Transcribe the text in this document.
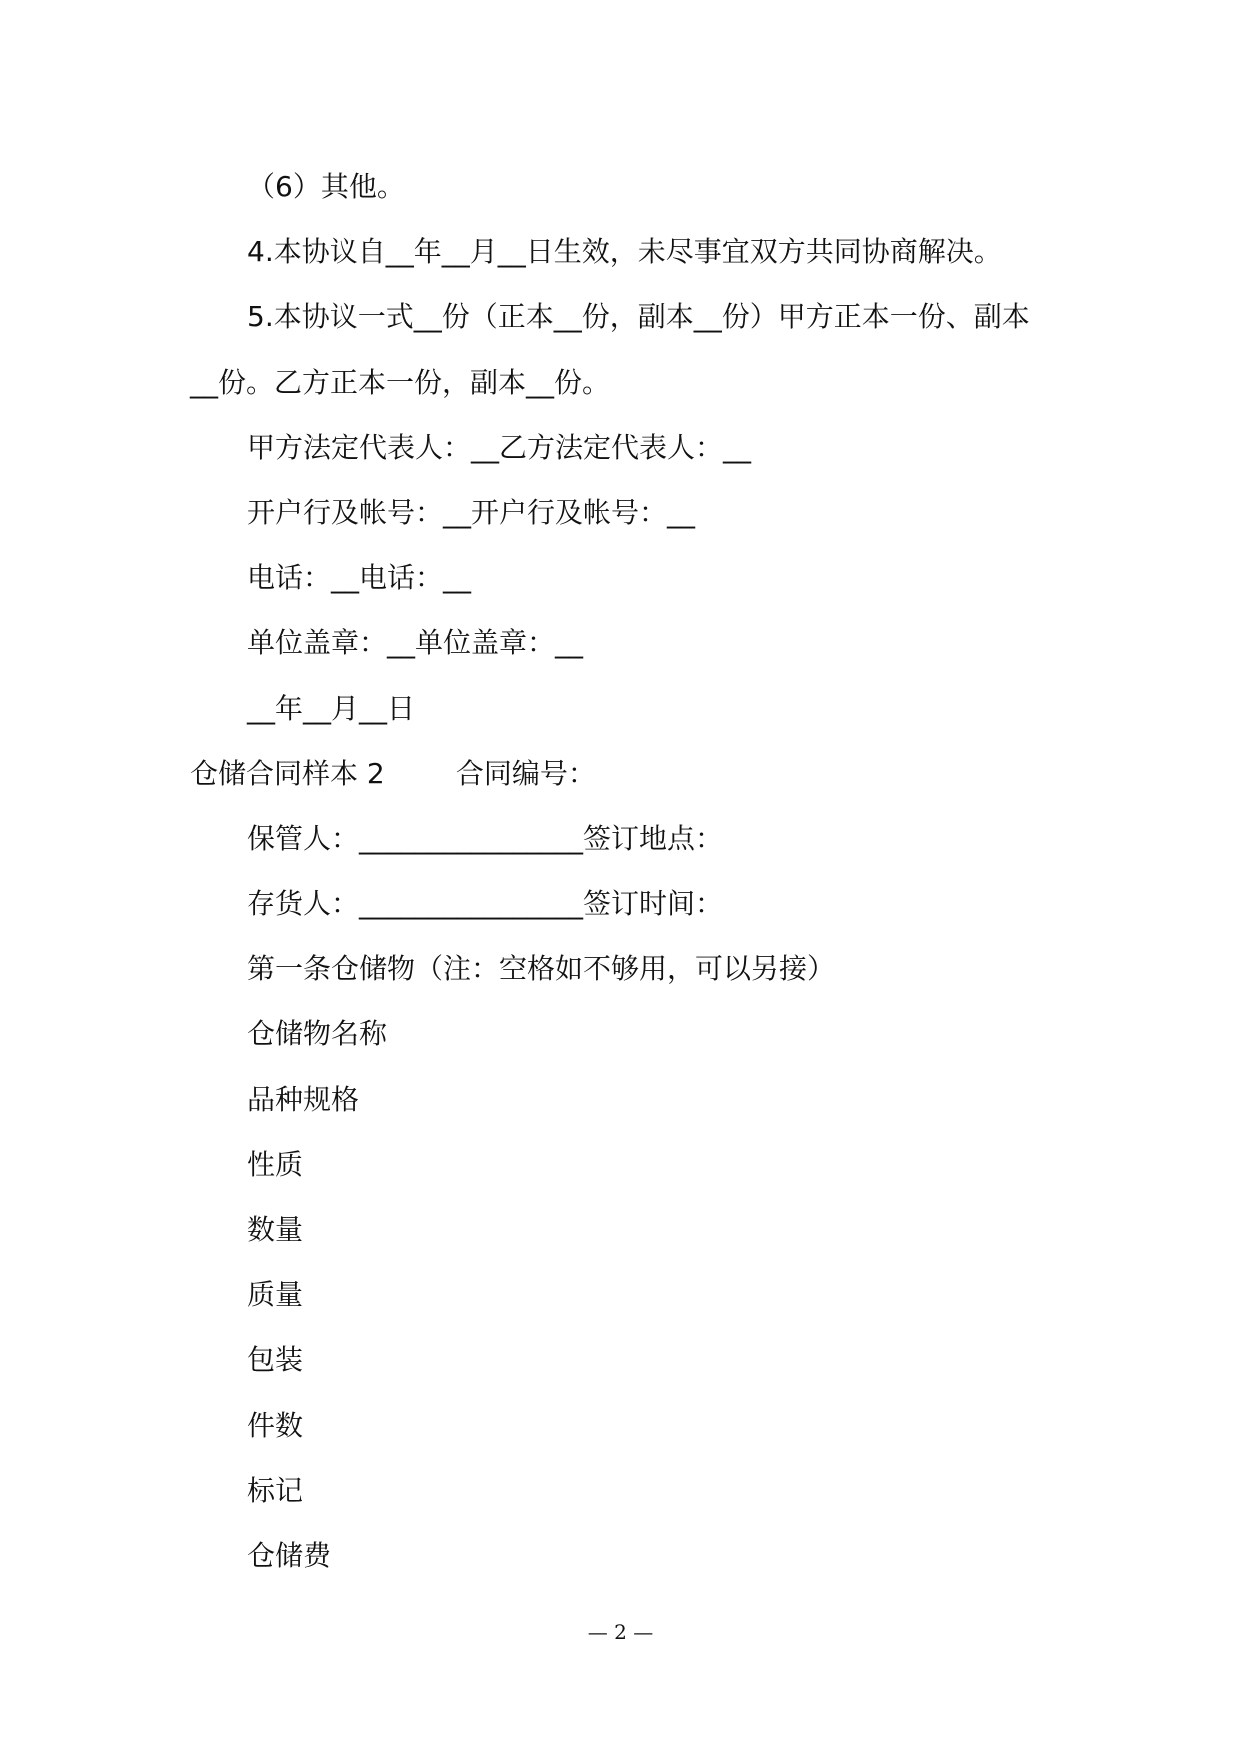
（6）其他。
4.本协议自__年__月__日生效，未尽事宜双方共同协商解决。
5.本协议一式__份（正本__份，副本__份）甲方正本一份、副本
__份。乙方正本一份，副本__份。
甲方法定代表人：__乙方法定代表人：__
开户行及帐号：__开户行及帐号：__
电话：__电话：__
单位盖章：__单位盖章：__
__年__月__日
仓储合同样本 2        合同编号：
保管人：________________签订地点：
存货人：________________签订时间：
第一条仓储物（注：空格如不够用，可以另接）
仓储物名称
品种规格
性质
数量
质量
包装
件数
标记
仓储费
— 2 —
